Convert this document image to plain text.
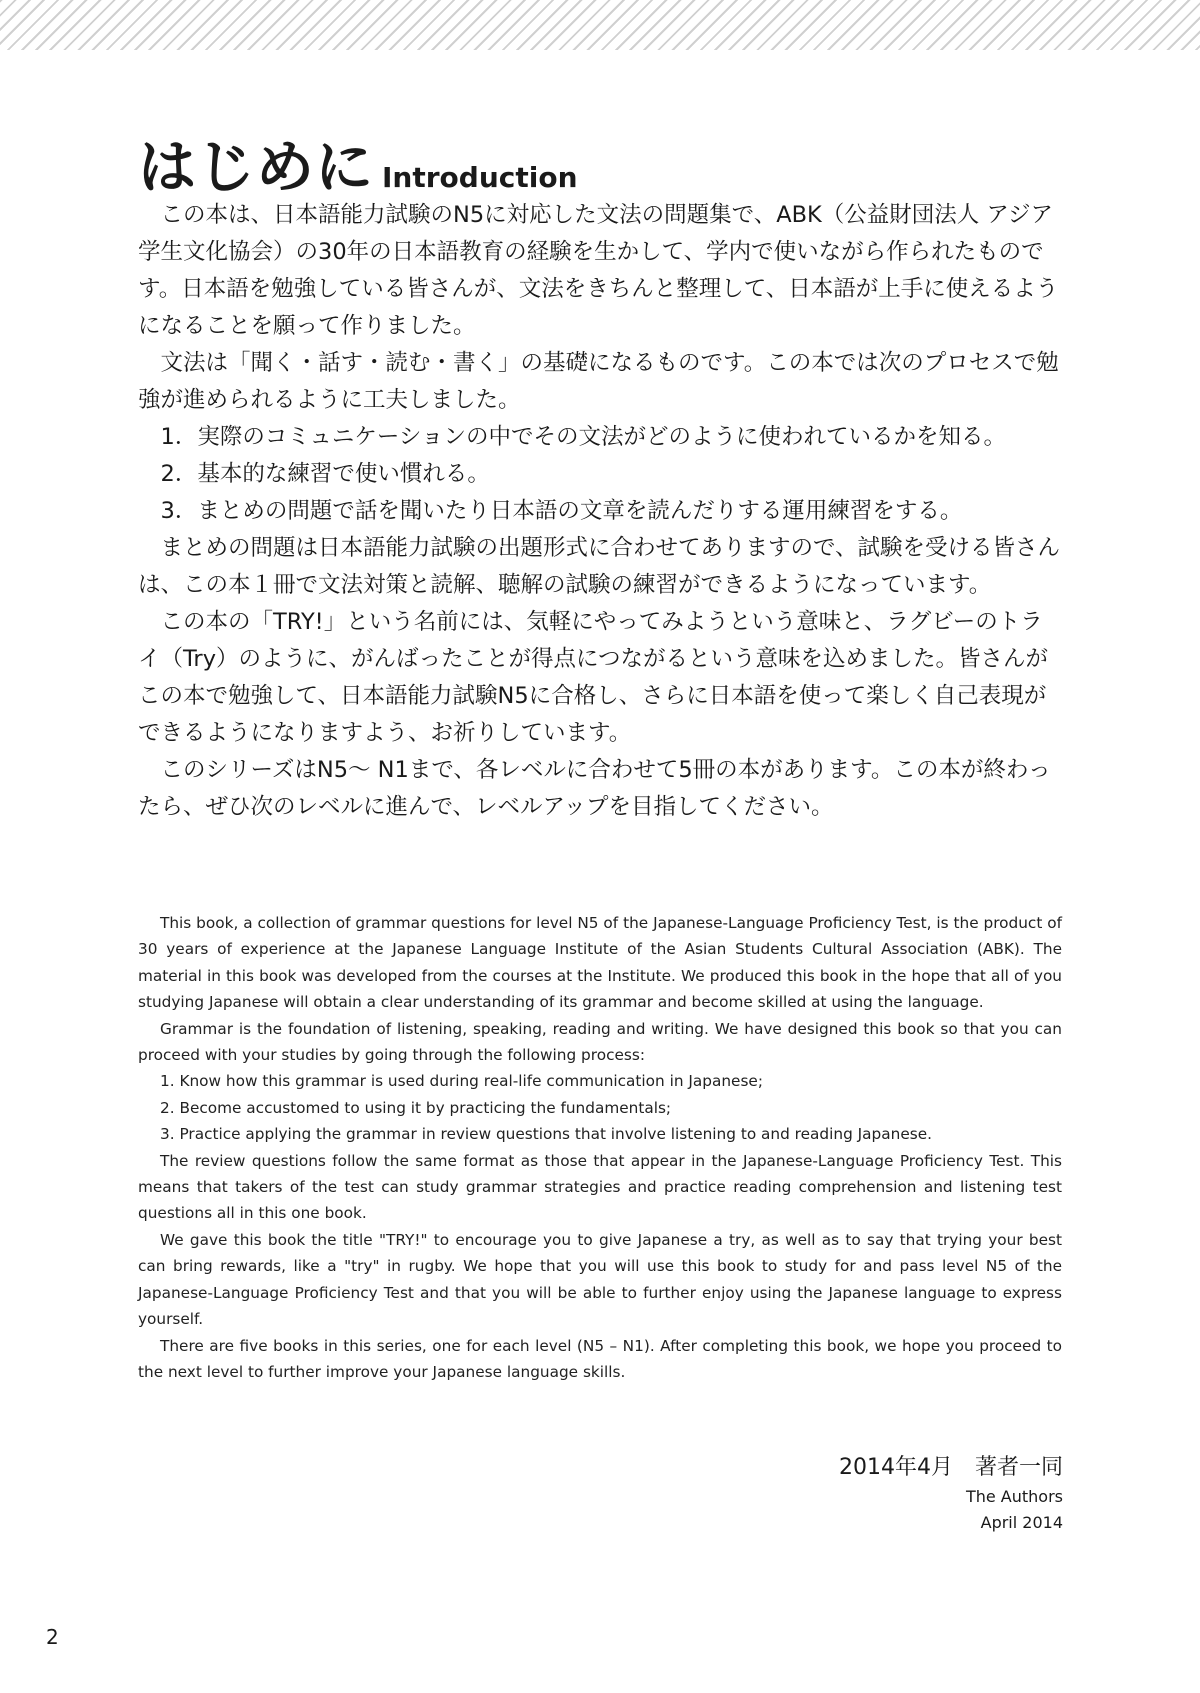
はじめに Introduction

この本は、日本語能力試験のN5に対応した文法の問題集で、ABK（公益財団法人 アジア学生文化協会）の30年の日本語教育の経験を生かして、学内で使いながら作られたものです。日本語を勉強している皆さんが、文法をきちんと整理して、日本語が上手に使えるようになることを願って作りました。

文法は「聞く・話す・読む・書く」の基礎になるものです。この本では次のプロセスで勉強が進められるように工夫しました。

1．実際のコミュニケーションの中でその文法がどのように使われているかを知る。
2．基本的な練習で使い慣れる。
3．まとめの問題で話を聞いたり日本語の文章を読んだりする運用練習をする。

まとめの問題は日本語能力試験の出題形式に合わせてありますので、試験を受ける皆さんは、この本１冊で文法対策と読解、聴解の試験の練習ができるようになっています。

この本の「TRY!」という名前には、気軽にやってみようという意味と、ラグビーのトライ（Try）のように、がんばったことが得点につながるという意味を込めました。皆さんがこの本で勉強して、日本語能力試験N5に合格し、さらに日本語を使って楽しく自己表現ができるようになりますよう、お祈りしています。

このシリーズはN5〜 N1まで、各レベルに合わせて5冊の本があります。この本が終わったら、ぜひ次のレベルに進んで、レベルアップを目指してください。

This book, a collection of grammar questions for level N5 of the Japanese-Language Proficiency Test, is the product of 30 years of experience at the Japanese Language Institute of the Asian Students Cultural Association (ABK). The material in this book was developed from the courses at the Institute. We produced this book in the hope that all of you studying Japanese will obtain a clear understanding of its grammar and become skilled at using the language.

Grammar is the foundation of listening, speaking, reading and writing. We have designed this book so that you can proceed with your studies by going through the following process:

1. Know how this grammar is used during real-life communication in Japanese;
2. Become accustomed to using it by practicing the fundamentals;
3. Practice applying the grammar in review questions that involve listening to and reading Japanese.

The review questions follow the same format as those that appear in the Japanese-Language Proficiency Test. This means that takers of the test can study grammar strategies and practice reading comprehension and listening test questions all in this one book.

We gave this book the title "TRY!" to encourage you to give Japanese a try, as well as to say that trying your best can bring rewards, like a "try" in rugby. We hope that you will use this book to study for and pass level N5 of the Japanese-Language Proficiency Test and that you will be able to further enjoy using the Japanese language to express yourself.

There are five books in this series, one for each level (N5 – N1). After completing this book, we hope you proceed to the next level to further improve your Japanese language skills.

2014年4月　著者一同
The Authors
April 2014
2
